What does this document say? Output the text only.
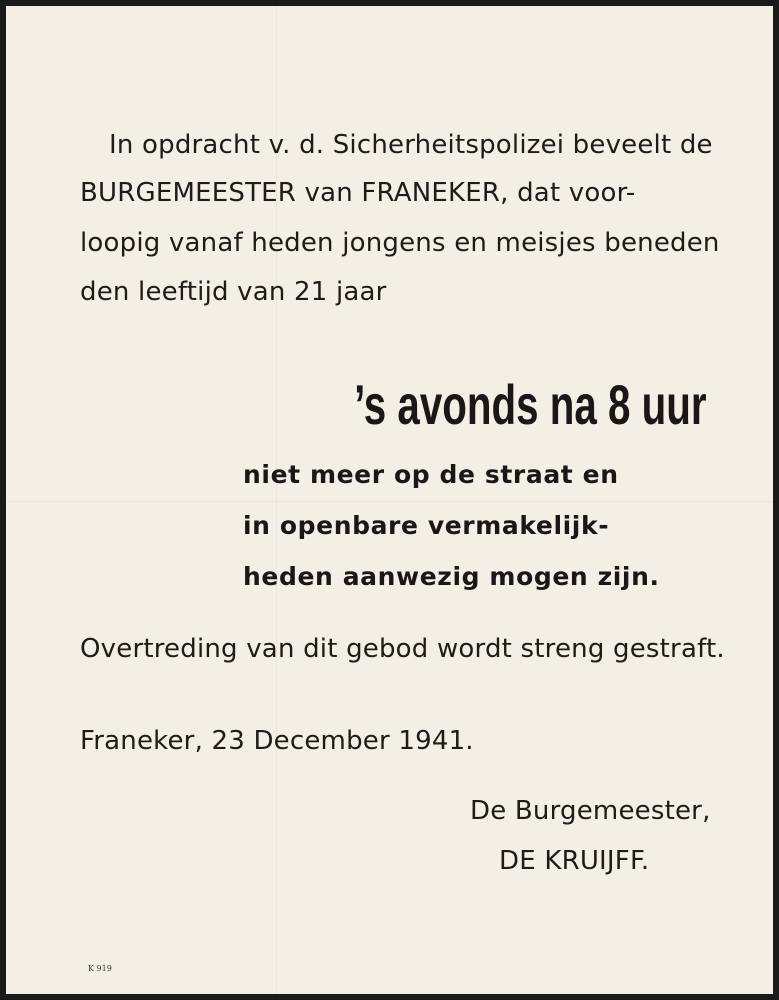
In opdracht v. d. Sicherheitspolizei beveelt de
BURGEMEESTER van FRANEKER, dat voor-
loopig vanaf heden jongens en meisjes beneden
den leeftijd van 21 jaar
’s avonds na 8 uur
niet meer op de straat en
in openbare vermakelijk-
heden aanwezig mogen zijn.
Overtreding van dit gebod wordt streng gestraft.
Franeker, 23 December 1941.
De Burgemeester,
DE KRUIJFF.
K 919
